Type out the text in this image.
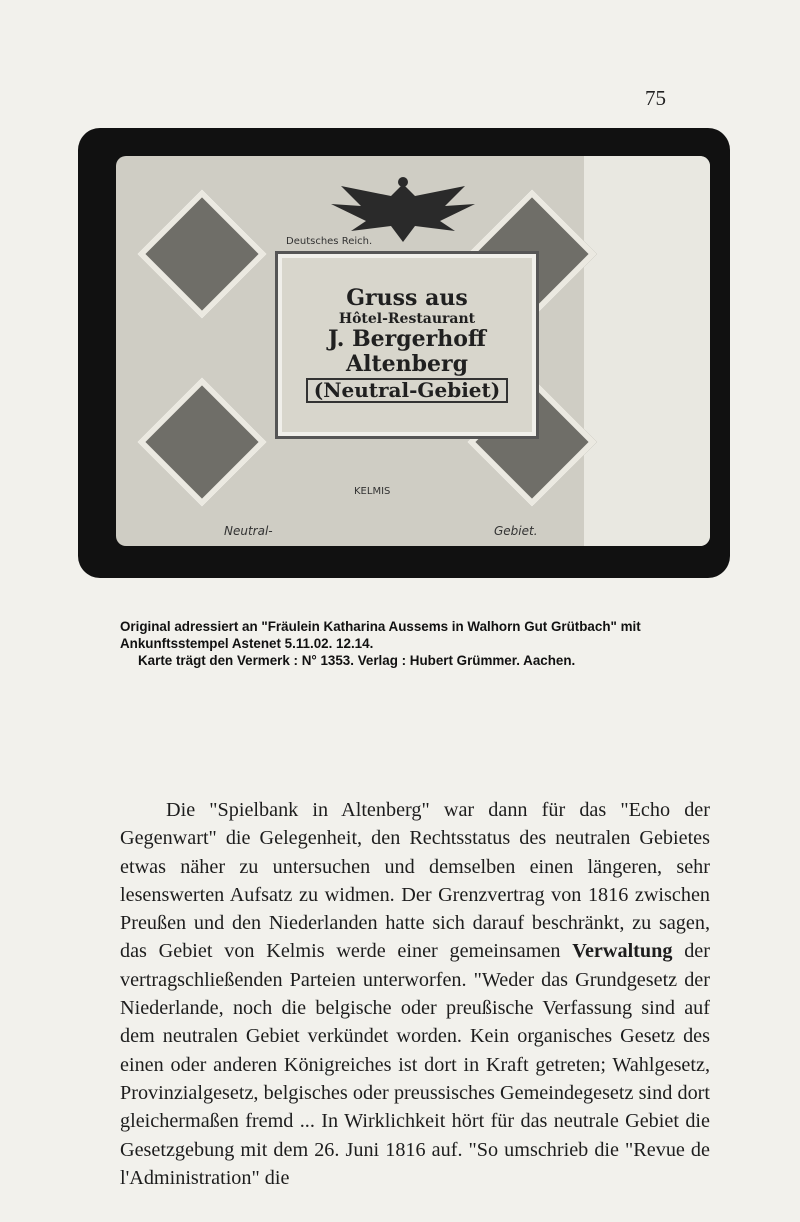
75
Deutsches Reich.
Gruss aus
Hôtel-Restaurant
J. Bergerhoff
Altenberg
(Neutral-Gebiet)
KELMIS
Neutral-	Gebiet.

Original adressiert an "Fräulein Katharina Aussems in Walhorn Gut Grütbach" mit

Ankunftsstempel Astenet 5.11.02. 12.14.

Karte trägt den Vermerk : N° 1353. Verlag : Hubert Grümmer. Aachen.

Die "Spielbank in Altenberg" war dann für das "Echo der Gegenwart" die Gelegenheit, den Rechtsstatus des neutralen Gebietes etwas näher zu untersuchen und demselben einen längeren, sehr lesenswerten Aufsatz zu widmen. Der Grenzvertrag von 1816 zwischen Preußen und den Niederlanden hatte sich darauf beschränkt, zu sagen, das Gebiet von Kelmis werde einer gemeinsamen Verwaltung der vertragschließenden Parteien unterworfen. "Weder das Grundgesetz der Niederlande, noch die belgische oder preußische Verfassung sind auf dem neutralen Gebiet verkündet worden. Kein organisches Gesetz des einen oder anderen Königreiches ist dort in Kraft getreten; Wahlgesetz, Provinzialgesetz, belgisches oder preussisches Gemeindegesetz sind dort gleichermaßen fremd ... In Wirklichkeit hört für das neutrale Gebiet die Gesetzgebung mit dem 26. Juni 1816 auf. "So umschrieb die "Revue de l'Administration" die
